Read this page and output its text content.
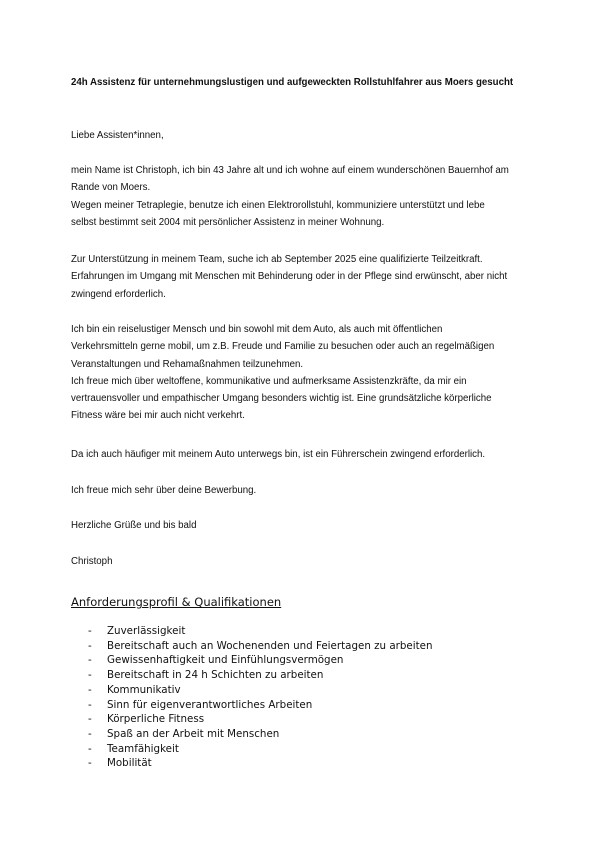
24h Assistenz für unternehmungslustigen und aufgeweckten Rollstuhlfahrer aus Moers gesucht

Liebe Assisten*innen,

mein Name ist Christoph, ich bin 43 Jahre alt und ich wohne auf einem wunderschönen Bauernhof am
Rande von Moers.
Wegen meiner Tetraplegie, benutze ich einen Elektrorollstuhl, kommuniziere unterstützt und lebe
selbst bestimmt seit 2004 mit persönlicher Assistenz in meiner Wohnung.
Zur Unterstützung in meinem Team, suche ich ab September 2025 eine qualifizierte Teilzeitkraft.
Erfahrungen im Umgang mit Menschen mit Behinderung oder in der Pflege sind erwünscht, aber nicht
zwingend erforderlich.
Ich bin ein reiselustiger Mensch und bin sowohl mit dem Auto, als auch mit öffentlichen
Verkehrsmitteln gerne mobil, um z.B. Freude und Familie zu besuchen oder auch an regelmäßigen
Veranstaltungen und Rehamaßnahmen teilzunehmen.
Ich freue mich über weltoffene, kommunikative und aufmerksame Assistenzkräfte, da mir ein
vertrauensvoller und empathischer Umgang besonders wichtig ist. Eine grundsätzliche körperliche
Fitness wäre bei mir auch nicht verkehrt.

Da ich auch häufiger mit meinem Auto unterwegs bin, ist ein Führerschein zwingend erforderlich.

Ich freue mich sehr über deine Bewerbung.

Herzliche Grüße und bis bald

Christoph

Anforderungsprofil & Qualifikationen

-	Zuverlässigkeit
-	Bereitschaft auch an Wochenenden und Feiertagen zu arbeiten
-	Gewissenhaftigkeit und Einfühlungsvermögen
-	Bereitschaft in 24 h Schichten zu arbeiten
-	Kommunikativ
-	Sinn für eigenverantwortliches Arbeiten
-	Körperliche Fitness
-	Spaß an der Arbeit mit Menschen
-	Teamfähigkeit
-	Mobilität
